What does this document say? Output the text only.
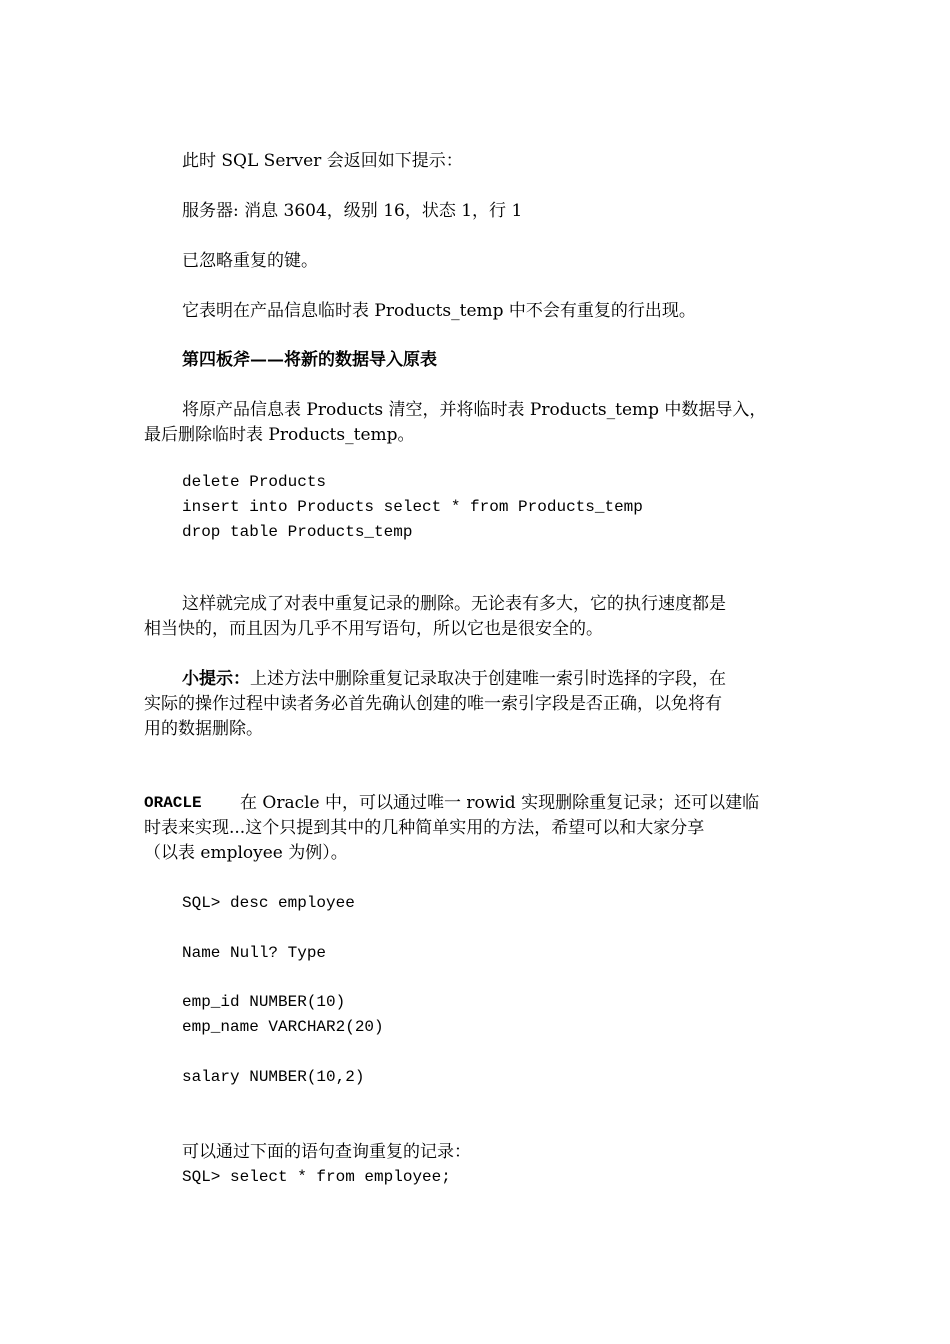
此时 SQL Server 会返回如下提示：
服务器: 消息 3604，级别 16，状态 1，行 1
已忽略重复的键。
它表明在产品信息临时表 Products_temp 中不会有重复的行出现。
第四板斧——将新的数据导入原表
将原产品信息表 Products 清空，并将临时表 Products_temp 中数据导入，
最后删除临时表 Products_temp。
delete Products
insert into Products select * from Products_temp
drop table Products_temp
这样就完成了对表中重复记录的删除。无论表有多大，它的执行速度都是
相当快的，而且因为几乎不用写语句，所以它也是很安全的。
小提示：上述方法中删除重复记录取决于创建唯一索引时选择的字段，在
实际的操作过程中读者务必首先确认创建的唯一索引字段是否正确，以免将有
用的数据删除。
ORACLE 在 Oracle 中，可以通过唯一 rowid 实现删除重复记录；还可以建临
时表来实现...这个只提到其中的几种简单实用的方法，希望可以和大家分享
（以表 employee 为例）。
SQL> desc employee
Name Null? Type
emp_id NUMBER(10)
emp_name VARCHAR2(20)
salary NUMBER(10,2)
可以通过下面的语句查询重复的记录：
SQL> select * from employee;
